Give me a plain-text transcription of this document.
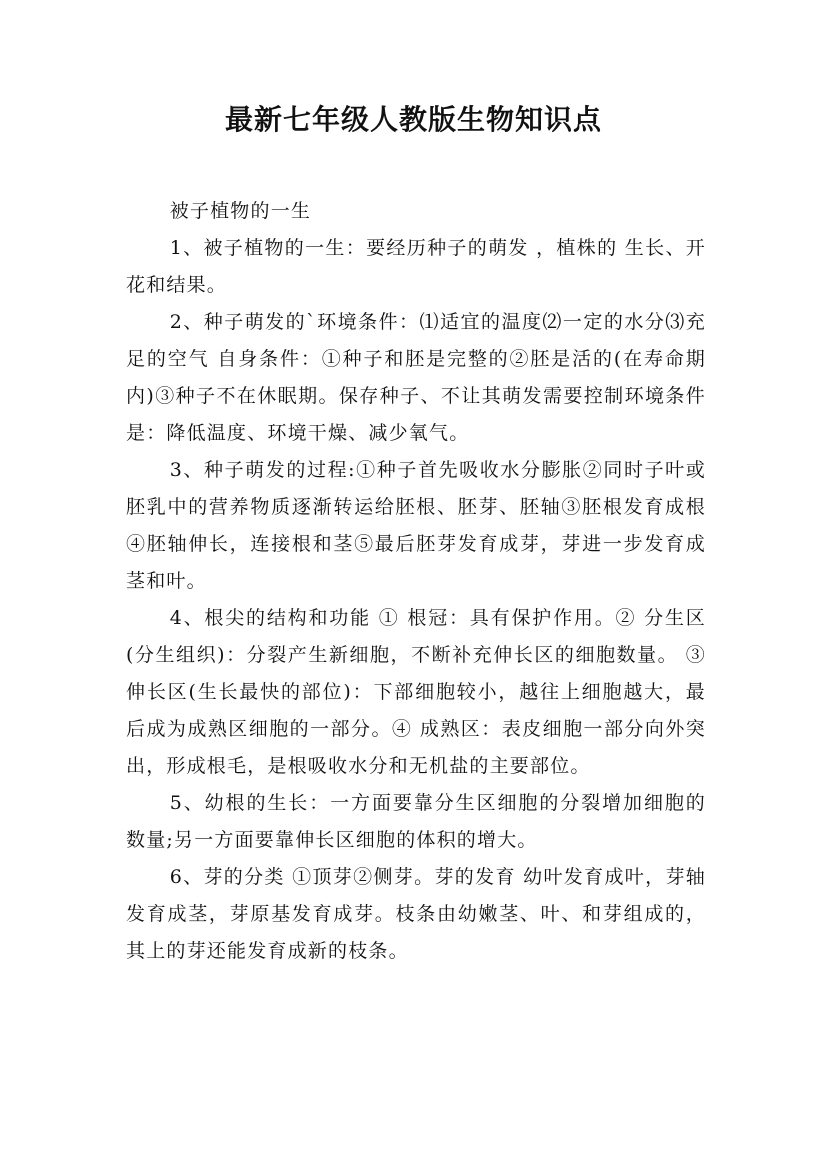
最新七年级人教版生物知识点

被子植物的一生

1、被子植物的一生：要经历种子的萌发 ，植株的 生长、开花和结果。

2、种子萌发的`环境条件：⑴适宜的温度⑵一定的水分⑶充足的空气 自身条件：①种子和胚是完整的②胚是活的(在寿命期内)③种子不在休眠期。保存种子、不让其萌发需要控制环境条件是：降低温度、环境干燥、减少氧气。

3、种子萌发的过程:①种子首先吸收水分膨胀②同时子叶或胚乳中的营养物质逐渐转运给胚根、胚芽、胚轴③胚根发育成根④胚轴伸长，连接根和茎⑤最后胚芽发育成芽，芽进一步发育成茎和叶。

4、根尖的结构和功能 ① 根冠：具有保护作用。② 分生区(分生组织)：分裂产生新细胞，不断补充伸长区的细胞数量。 ③ 伸长区(生长最快的部位)：下部细胞较小，越往上细胞越大，最后成为成熟区细胞的一部分。④ 成熟区：表皮细胞一部分向外突出，形成根毛，是根吸收水分和无机盐的主要部位。

5、幼根的生长：一方面要靠分生区细胞的分裂增加细胞的数量;另一方面要靠伸长区细胞的体积的增大。

6、芽的分类 ①顶芽②侧芽。芽的发育 幼叶发育成叶，芽轴发育成茎，芽原基发育成芽。枝条由幼嫩茎、叶、和芽组成的，其上的芽还能发育成新的枝条。
